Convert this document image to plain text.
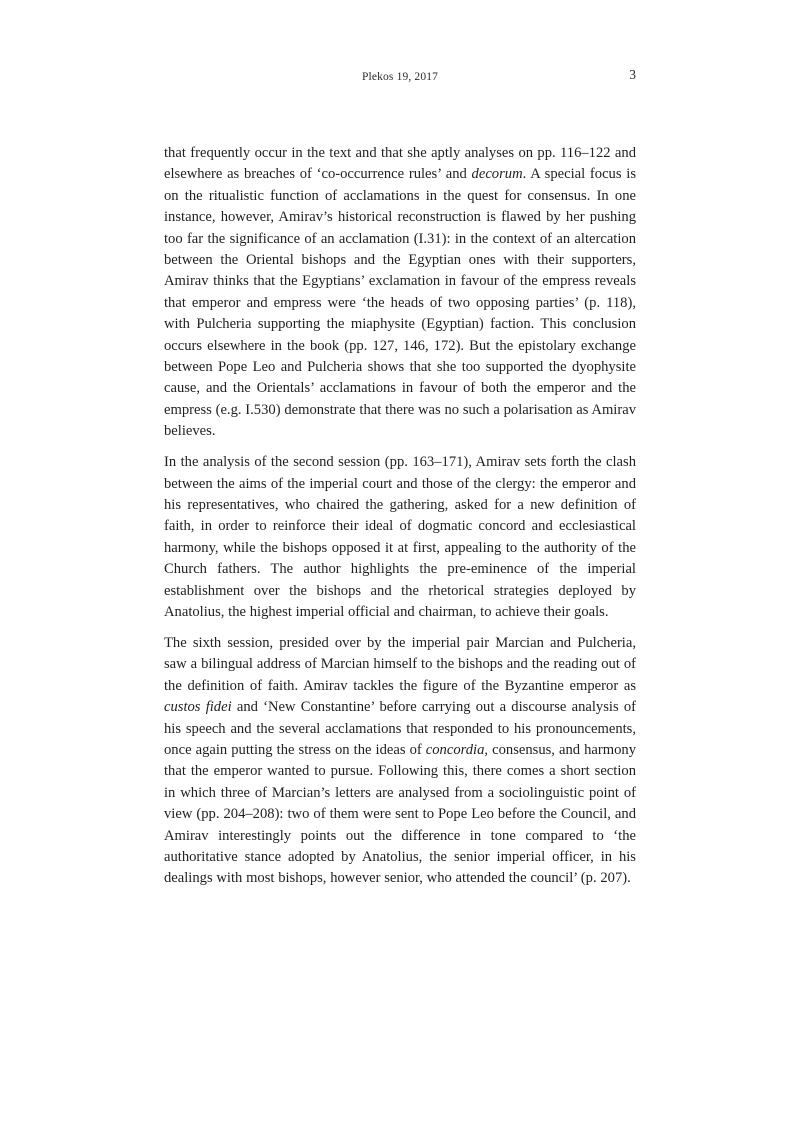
Plekos 19, 2017	3

that frequently occur in the text and that she aptly analyses on pp. 116–122 and elsewhere as breaches of ‘co-occurrence rules’ and decorum. A special focus is on the ritualistic function of acclamations in the quest for consensus. In one instance, however, Amirav’s historical reconstruction is flawed by her pushing too far the significance of an acclamation (I.31): in the context of an altercation between the Oriental bishops and the Egyptian ones with their supporters, Amirav thinks that the Egyptians’ exclamation in favour of the empress reveals that emperor and empress were ‘the heads of two opposing parties’ (p. 118), with Pulcheria supporting the miaphysite (Egyptian) faction. This conclusion occurs elsewhere in the book (pp. 127, 146, 172). But the epistolary exchange between Pope Leo and Pulcheria shows that she too supported the dyophysite cause, and the Orientals’ acclamations in favour of both the emperor and the empress (e.g. I.530) demonstrate that there was no such a polarisation as Amirav believes.

In the analysis of the second session (pp. 163–171), Amirav sets forth the clash between the aims of the imperial court and those of the clergy: the emperor and his representatives, who chaired the gathering, asked for a new definition of faith, in order to reinforce their ideal of dogmatic concord and ecclesiastical harmony, while the bishops opposed it at first, appealing to the authority of the Church fathers. The author highlights the pre-eminence of the imperial establishment over the bishops and the rhetorical strategies deployed by Anatolius, the highest imperial official and chairman, to achieve their goals.

The sixth session, presided over by the imperial pair Marcian and Pulcheria, saw a bilingual address of Marcian himself to the bishops and the reading out of the definition of faith. Amirav tackles the figure of the Byzantine emperor as custos fidei and ‘New Constantine’ before carrying out a discourse analysis of his speech and the several acclamations that responded to his pronouncements, once again putting the stress on the ideas of concordia, consensus, and harmony that the emperor wanted to pursue. Following this, there comes a short section in which three of Marcian’s letters are analysed from a sociolinguistic point of view (pp. 204–208): two of them were sent to Pope Leo before the Council, and Amirav interestingly points out the difference in tone compared to ‘the authoritative stance adopted by Anatolius, the senior imperial officer, in his dealings with most bishops, however senior, who attended the council’ (p. 207).
